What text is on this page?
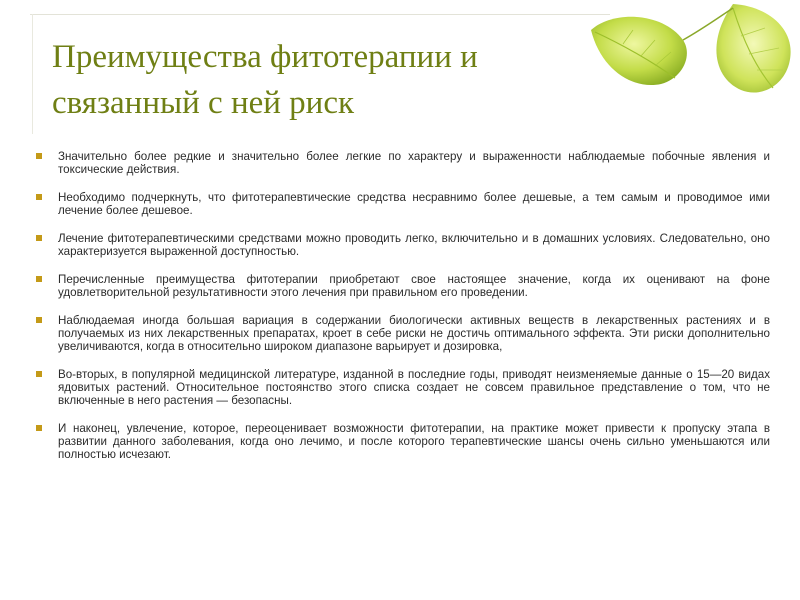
Преимущества фитотерапии и
связанный с ней риск
Значительно более редкие и значительно более легкие по характеру и выраженности наблюдаемые побочные явления и токсические действия.
Необходимо подчеркнуть, что фитотерапевтические средства несравнимо более дешевые, а тем самым и проводимое ими лечение более дешевое.
Лечение фитотерапевтическими средствами можно проводить легко, включительно и в домашних условиях. Следовательно, оно характеризуется выраженной доступностью.
Перечисленные преимущества фитотерапии приобретают свое настоящее значение, когда их оценивают на фоне удовлетворительной результативности этого лечения при правильном его проведении.
Наблюдаемая иногда большая вариация в содержании биологически активных веществ в лекарственных растениях и в получаемых из них лекарственных препаратах, кроет в себе риски не достичь оптимального эффекта. Эти риски дополнительно увеличиваются, когда в относительно широком диапазоне варьирует и дозировка,
Во-вторых, в популярной медицинской литературе, изданной в последние годы, приводят неизменяемые данные о 15—20 видах ядовитых растений. Относительное постоянство этого списка создает не совсем правильное представление о том, что не включенные в него растения — безопасны.
И наконец, увлечение, которое, переоценивает возможности фитотерапии, на практике может привести к пропуску этапа в развитии данного заболевания, когда оно лечимо, и после которого терапевтические шансы очень сильно уменьшаются или полностью исчезают.
